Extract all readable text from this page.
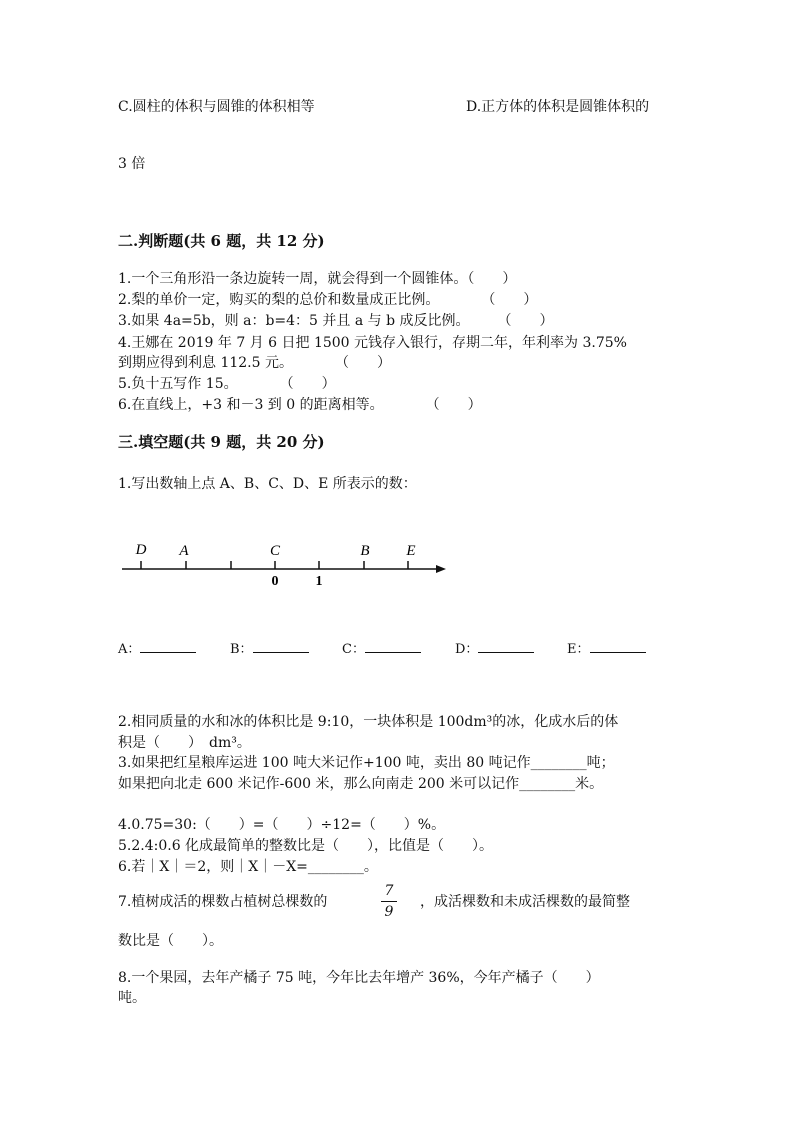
C.圆柱的体积与圆锥的体积相等	D.正方体的体积是圆锥体积的
3 倍
二.判断题(共 6 题，共 12 分)
1.一个三角形沿一条边旋转一周，就会得到一个圆锥体。（　　）
2.梨的单价一定，购买的梨的总价和数量成正比例。　　　　（　　）
3.如果 4a=5b，则 a：b=4：5 并且 a 与 b 成反比例。　　　（　　）
4.王娜在 2019 年 7 月 6 日把 1500 元钱存入银行，存期二年，年利率为 3.75%
到期应得到利息 112.5 元。　　　　（　　）
5.负十五写作 15。　　　　（　　）
6.在直线上，+3 和－3 到 0 的距离相等。　　　　（　　）
三.填空题(共 9 题，共 20 分)
1.写出数轴上点 A、B、C、D、E 所表示的数：
D A	C	B E
0	1
A：	B：	C：	D：	E：
2.相同质量的水和冰的体积比是 9:10，一块体积是 100dm³的冰，化成水后的体
积是（　　）　dm³。
3.如果把红星粮库运进 100 吨大米记作+100 吨，卖出 80 吨记作________吨；
如果把向北走 600 米记作-600 米，那么向南走 200 米可以记作________米。
4.0.75=30:（　　）=（　　）÷12=（　　）%。
5.2.4:0.6 化成最简单的整数比是（　　），比值是（　　）。
6.若｜X｜＝2，则｜X｜－X=________。
7.植树成活的棵数占植树总棵数的
7
9
，成活棵数和未成活棵数的最简整
数比是（　　）。
8.一个果园，去年产橘子 75 吨，今年比去年增产 36%，今年产橘子（　　）
吨。
